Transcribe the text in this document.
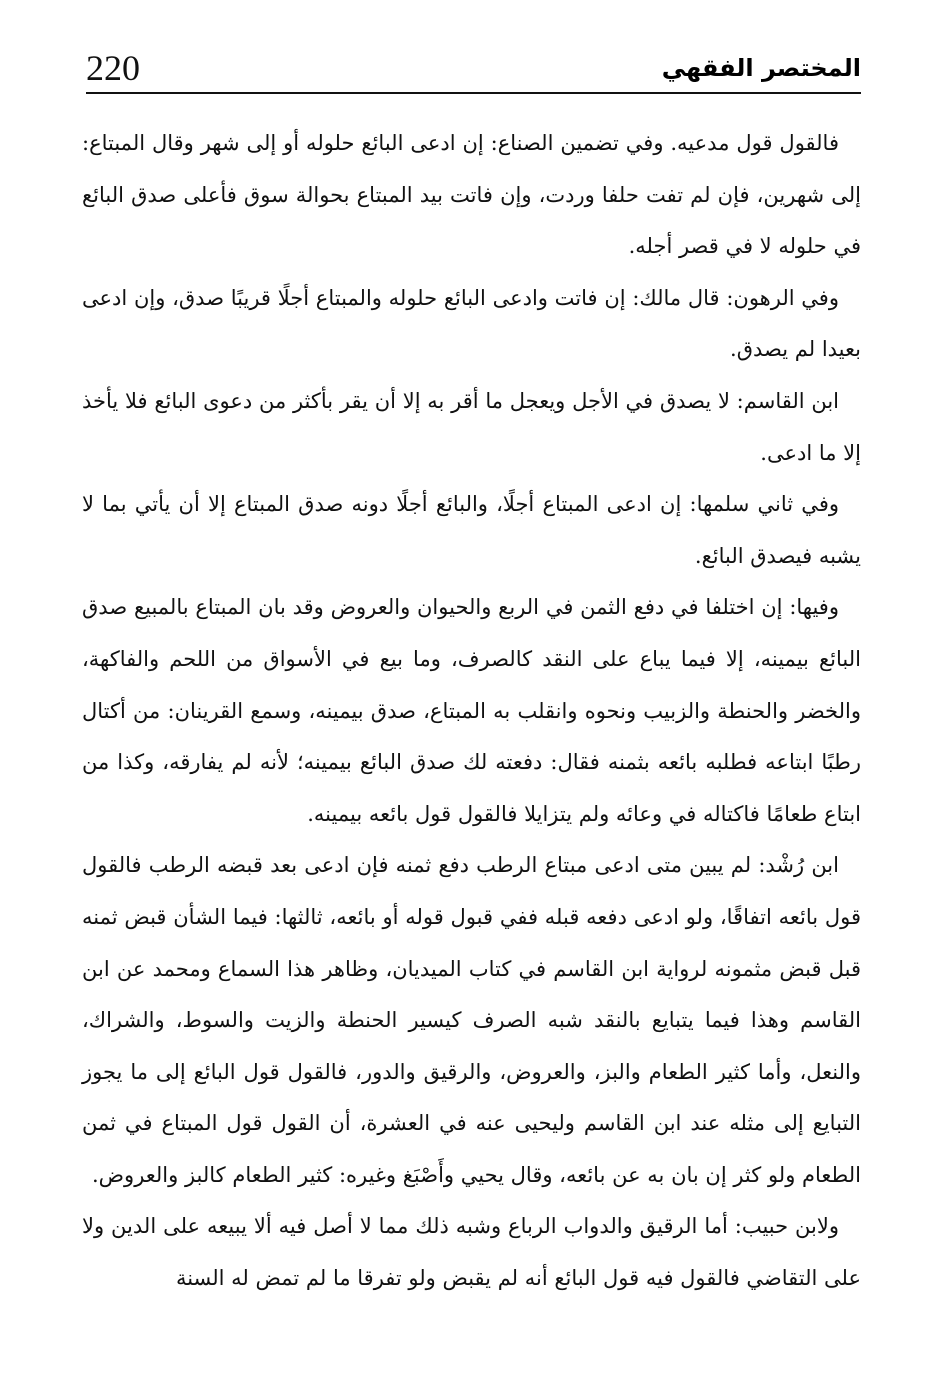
220	المختصر الفقهي

فالقول قول مدعيه. وفي تضمين الصناع: إن ادعى البائع حلوله أو إلى شهر وقال المبتاع: إلى شهرين، فإن لم تفت حلفا وردت، وإن فاتت بيد المبتاع بحوالة سوق فأعلى صدق البائع في حلوله لا في قصر أجله.

وفي الرهون: قال مالك: إن فاتت وادعى البائع حلوله والمبتاع أجلًا قريبًا صدق، وإن ادعى بعيدا لم يصدق.

ابن القاسم: لا يصدق في الأجل ويعجل ما أقر به إلا أن يقر بأكثر من دعوى البائع فلا يأخذ إلا ما ادعى.

وفي ثاني سلمها: إن ادعى المبتاع أجلًا، والبائع أجلًا دونه صدق المبتاع إلا أن يأتي بما لا يشبه فيصدق البائع.

وفيها: إن اختلفا في دفع الثمن في الربع والحيوان والعروض وقد بان المبتاع بالمبيع صدق البائع بيمينه، إلا فيما يباع على النقد كالصرف، وما بيع في الأسواق من اللحم والفاكهة، والخضر والحنطة والزبيب ونحوه وانقلب به المبتاع، صدق بيمينه، وسمع القرينان: من أكتال رطبًا ابتاعه فطلبه بائعه بثمنه فقال: دفعته لك صدق البائع بيمينه؛ لأنه لم يفارقه، وكذا من ابتاع طعامًا فاكتاله في وعائه ولم يتزايلا فالقول قول بائعه بيمينه.

ابن رُشْد: لم يبين متى ادعى مبتاع الرطب دفع ثمنه فإن ادعى بعد قبضه الرطب فالقول قول بائعه اتفاقًا، ولو ادعى دفعه قبله ففي قبول قوله أو بائعه، ثالثها: فيما الشأن قبض ثمنه قبل قبض مثمونه لرواية ابن القاسم في كتاب الميديان، وظاهر هذا السماع ومحمد عن ابن القاسم وهذا فيما يتبايع بالنقد شبه الصرف كيسير الحنطة والزيت والسوط، والشراك، والنعل، وأما كثير الطعام والبز، والعروض، والرقيق والدور، فالقول قول البائع إلى ما يجوز التبايع إلى مثله عند ابن القاسم وليحيى عنه في العشرة، أن القول قول المبتاع في ثمن الطعام ولو كثر إن بان به عن بائعه، وقال يحيي وأَصْبَغ وغيره: كثير الطعام كالبز والعروض.

ولابن حبيب: أما الرقيق والدواب الرباع وشبه ذلك مما لا أصل فيه ألا يبيعه على الدين ولا على التقاضي فالقول فيه قول البائع أنه لم يقبض ولو تفرقا ما لم تمض له السنة
